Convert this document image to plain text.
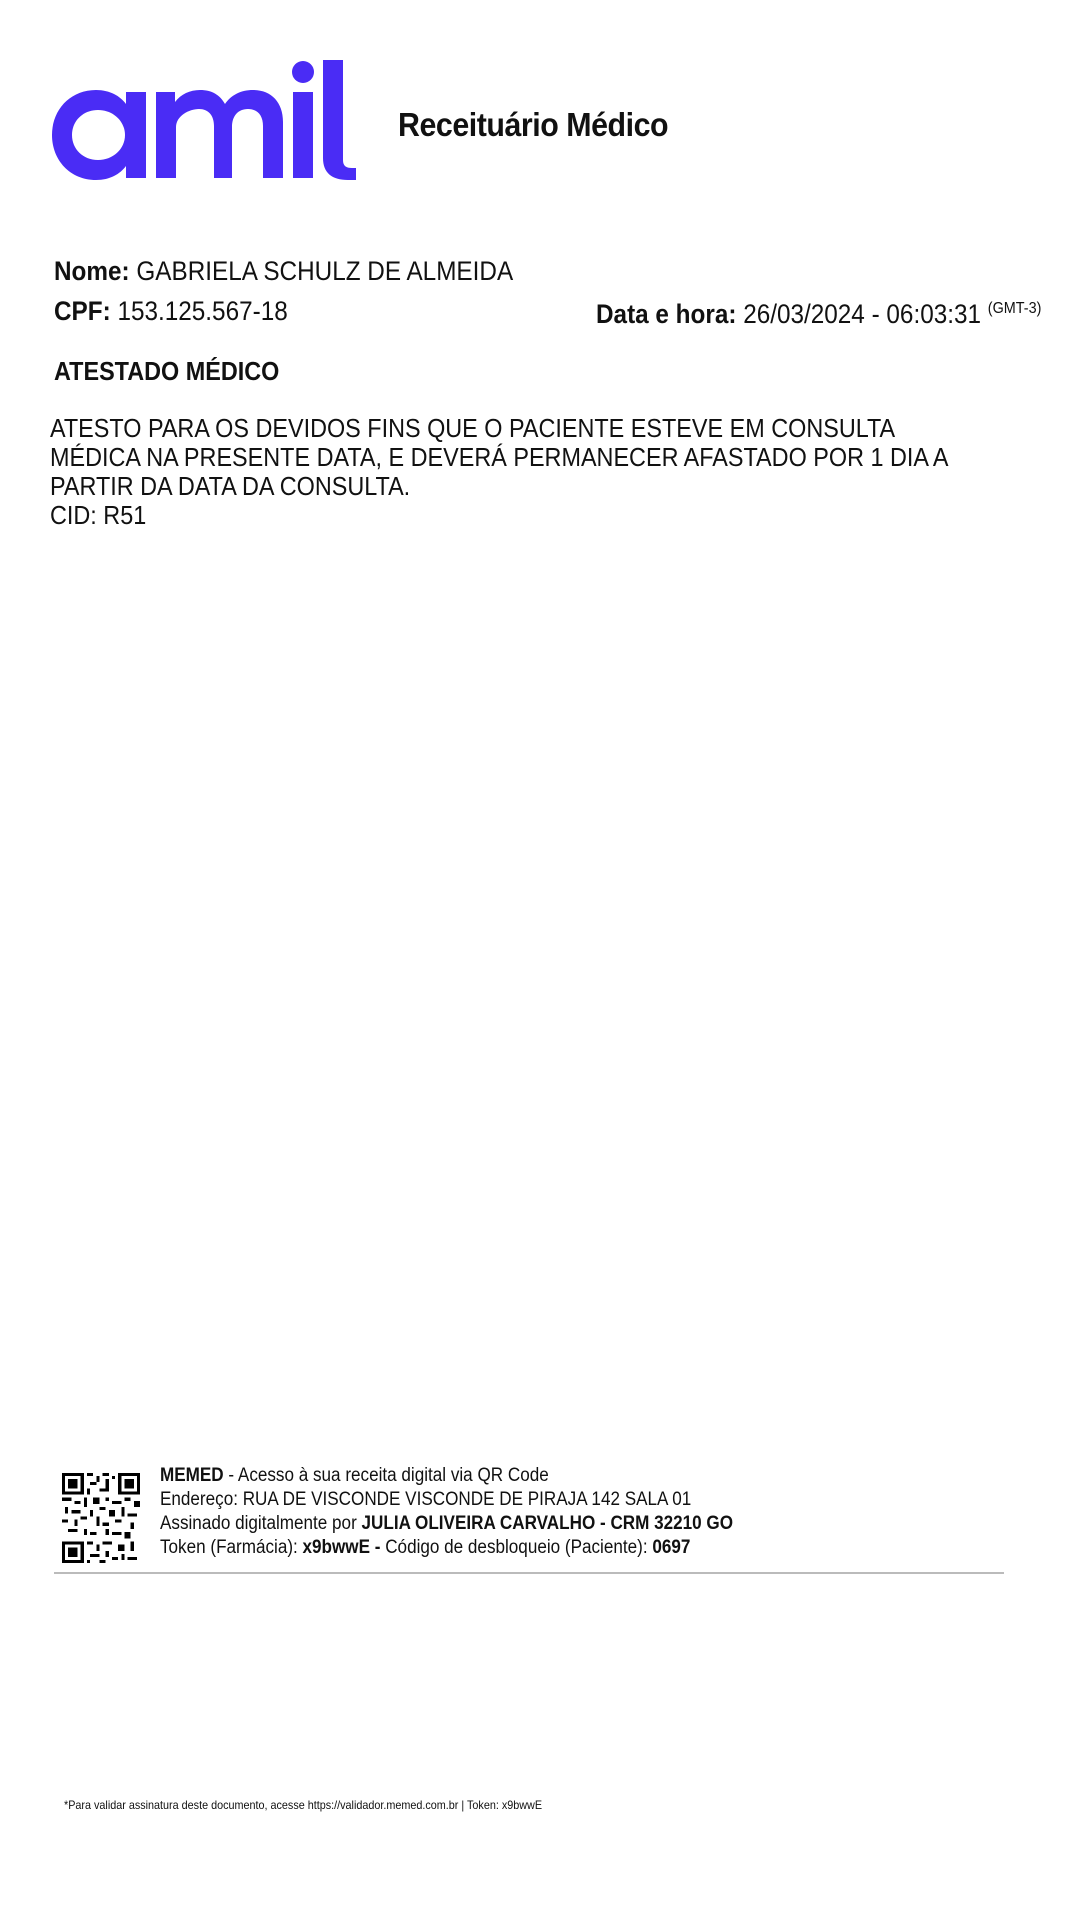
Receituário Médico
Nome: GABRIELA SCHULZ DE ALMEIDA
CPF: 153.125.567-18	Data e hora: 26/03/2024 - 06:03:31 $^{(GMT-3)}$
ATESTADO MÉDICO
ATESTO PARA OS DEVIDOS FINS QUE O PACIENTE ESTEVE EM CONSULTA MÉDICA NA PRESENTE DATA, E DEVERÁ PERMANECER AFASTADO POR 1 DIA A PARTIR DA DATA DA CONSULTA.
CID: R51
MEMED - Acesso à sua receita digital via QR Code
Endereço: RUA DE VISCONDE VISCONDE DE PIRAJA 142 SALA 01
Assinado digitalmente por JULIA OLIVEIRA CARVALHO - CRM 32210 GO
Token (Farmácia): x9bwwE - Código de desbloqueio (Paciente): 0697
*Para validar assinatura deste documento, acesse https://validador.memed.com.br | Token: x9bwwE
